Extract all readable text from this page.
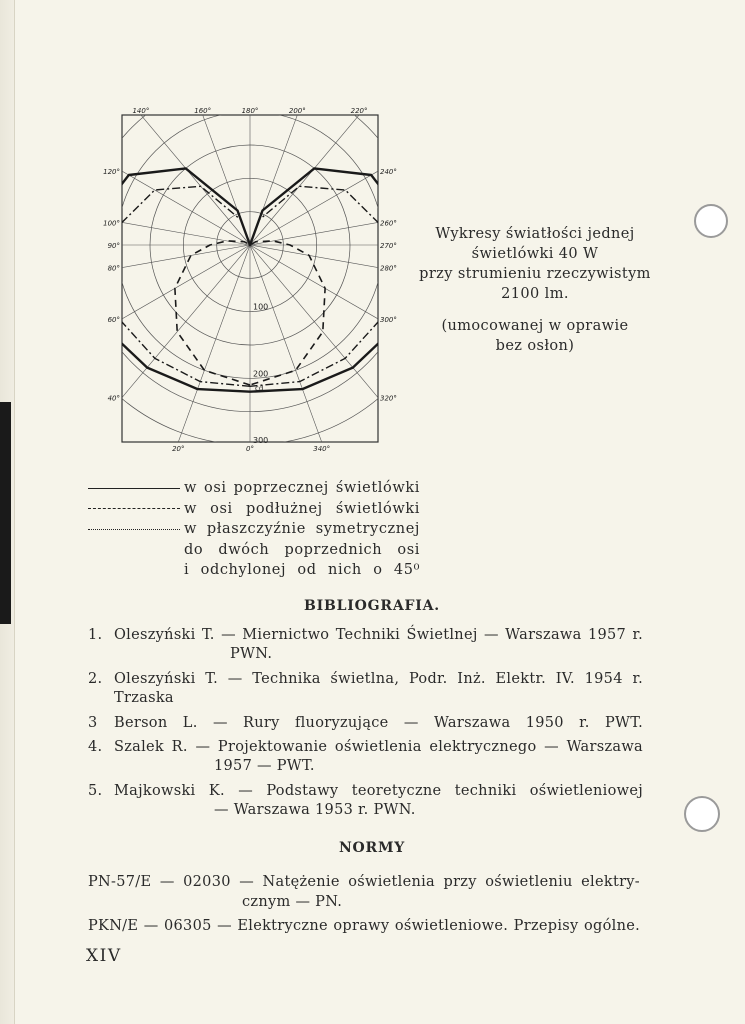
220°
200°
180°
160°
140°
240°
120°
260°
100°
270°
90°
280°
80°
300°
60°
320°
40°
340°
0°
20°
100
200
300
cd
Wykresy światłości jednej
świetlówki 40 W
przy strumieniu rzeczywistym
2100 lm.
(umocowanej w oprawie
bez osłon)
w osi poprzecznej świetlówki
w osi podłużnej świetlówki
w płaszczyźnie symetrycznej
do dwóch poprzednich osi
i odchylonej od nich o 45⁰
BIBLIOGRAFIA.
1. Oleszyński T. — Miernictwo Techniki Świetlnej — Warszawa 1957 r.
PWN.
2. Oleszyński T. — Technika świetlna, Podr. Inż. Elektr. IV. 1954 r.
Trzaska
3	Berson L. — Rury fluoryzujące — Warszawa 1950 r. PWT.
4. Szalek R. — Projektowanie oświetlenia elektrycznego — Warszawa
1957 — PWT.
5. Majkowski K. — Podstawy teoretyczne techniki oświetleniowej
— Warszawa 1953 r. PWN.
NORMY
PN-57/E — 02030 — Natężenie oświetlenia przy oświetleniu elektry-
cznym — PN.
PKN/E — 06305 — Elektryczne oprawy oświetleniowe. Przepisy ogólne.
XIV
